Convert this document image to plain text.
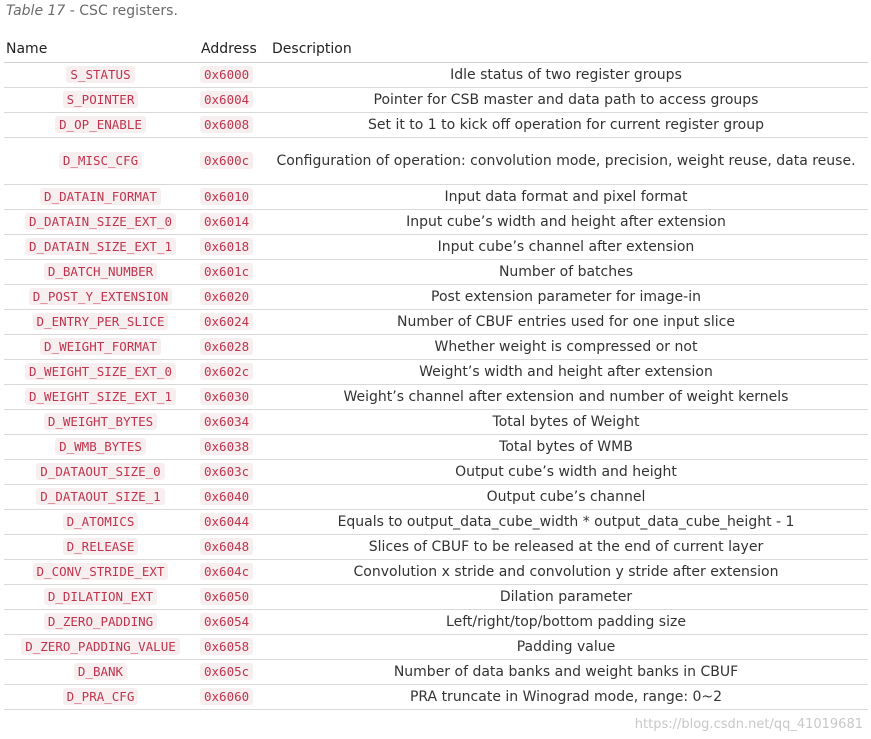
Table 17 - CSC registers.
Name	Address	Description
S_STATUS	0x6000	Idle status of two register groups
S_POINTER	0x6004	Pointer for CSB master and data path to access groups
D_OP_ENABLE	0x6008	Set it to 1 to kick off operation for current register group
D_MISC_CFG	0x600c	Configuration of operation: convolution mode, precision, weight reuse, data reuse.
D_DATAIN_FORMAT	0x6010	Input data format and pixel format
D_DATAIN_SIZE_EXT_0	0x6014	Input cube’s width and height after extension
D_DATAIN_SIZE_EXT_1	0x6018	Input cube’s channel after extension
D_BATCH_NUMBER	0x601c	Number of batches
D_POST_Y_EXTENSION	0x6020	Post extension parameter for image-in
D_ENTRY_PER_SLICE	0x6024	Number of CBUF entries used for one input slice
D_WEIGHT_FORMAT	0x6028	Whether weight is compressed or not
D_WEIGHT_SIZE_EXT_0	0x602c	Weight’s width and height after extension
D_WEIGHT_SIZE_EXT_1	0x6030	Weight’s channel after extension and number of weight kernels
D_WEIGHT_BYTES	0x6034	Total bytes of Weight
D_WMB_BYTES	0x6038	Total bytes of WMB
D_DATAOUT_SIZE_0	0x603c	Output cube’s width and height
D_DATAOUT_SIZE_1	0x6040	Output cube’s channel
D_ATOMICS	0x6044	Equals to output_data_cube_width * output_data_cube_height - 1
D_RELEASE	0x6048	Slices of CBUF to be released at the end of current layer
D_CONV_STRIDE_EXT	0x604c	Convolution x stride and convolution y stride after extension
D_DILATION_EXT	0x6050	Dilation parameter
D_ZERO_PADDING	0x6054	Left/right/top/bottom padding size
D_ZERO_PADDING_VALUE	0x6058	Padding value
D_BANK	0x605c	Number of data banks and weight banks in CBUF
D_PRA_CFG	0x6060	PRA truncate in Winograd mode, range: 0~2
https://blog.csdn.net/qq_41019681
